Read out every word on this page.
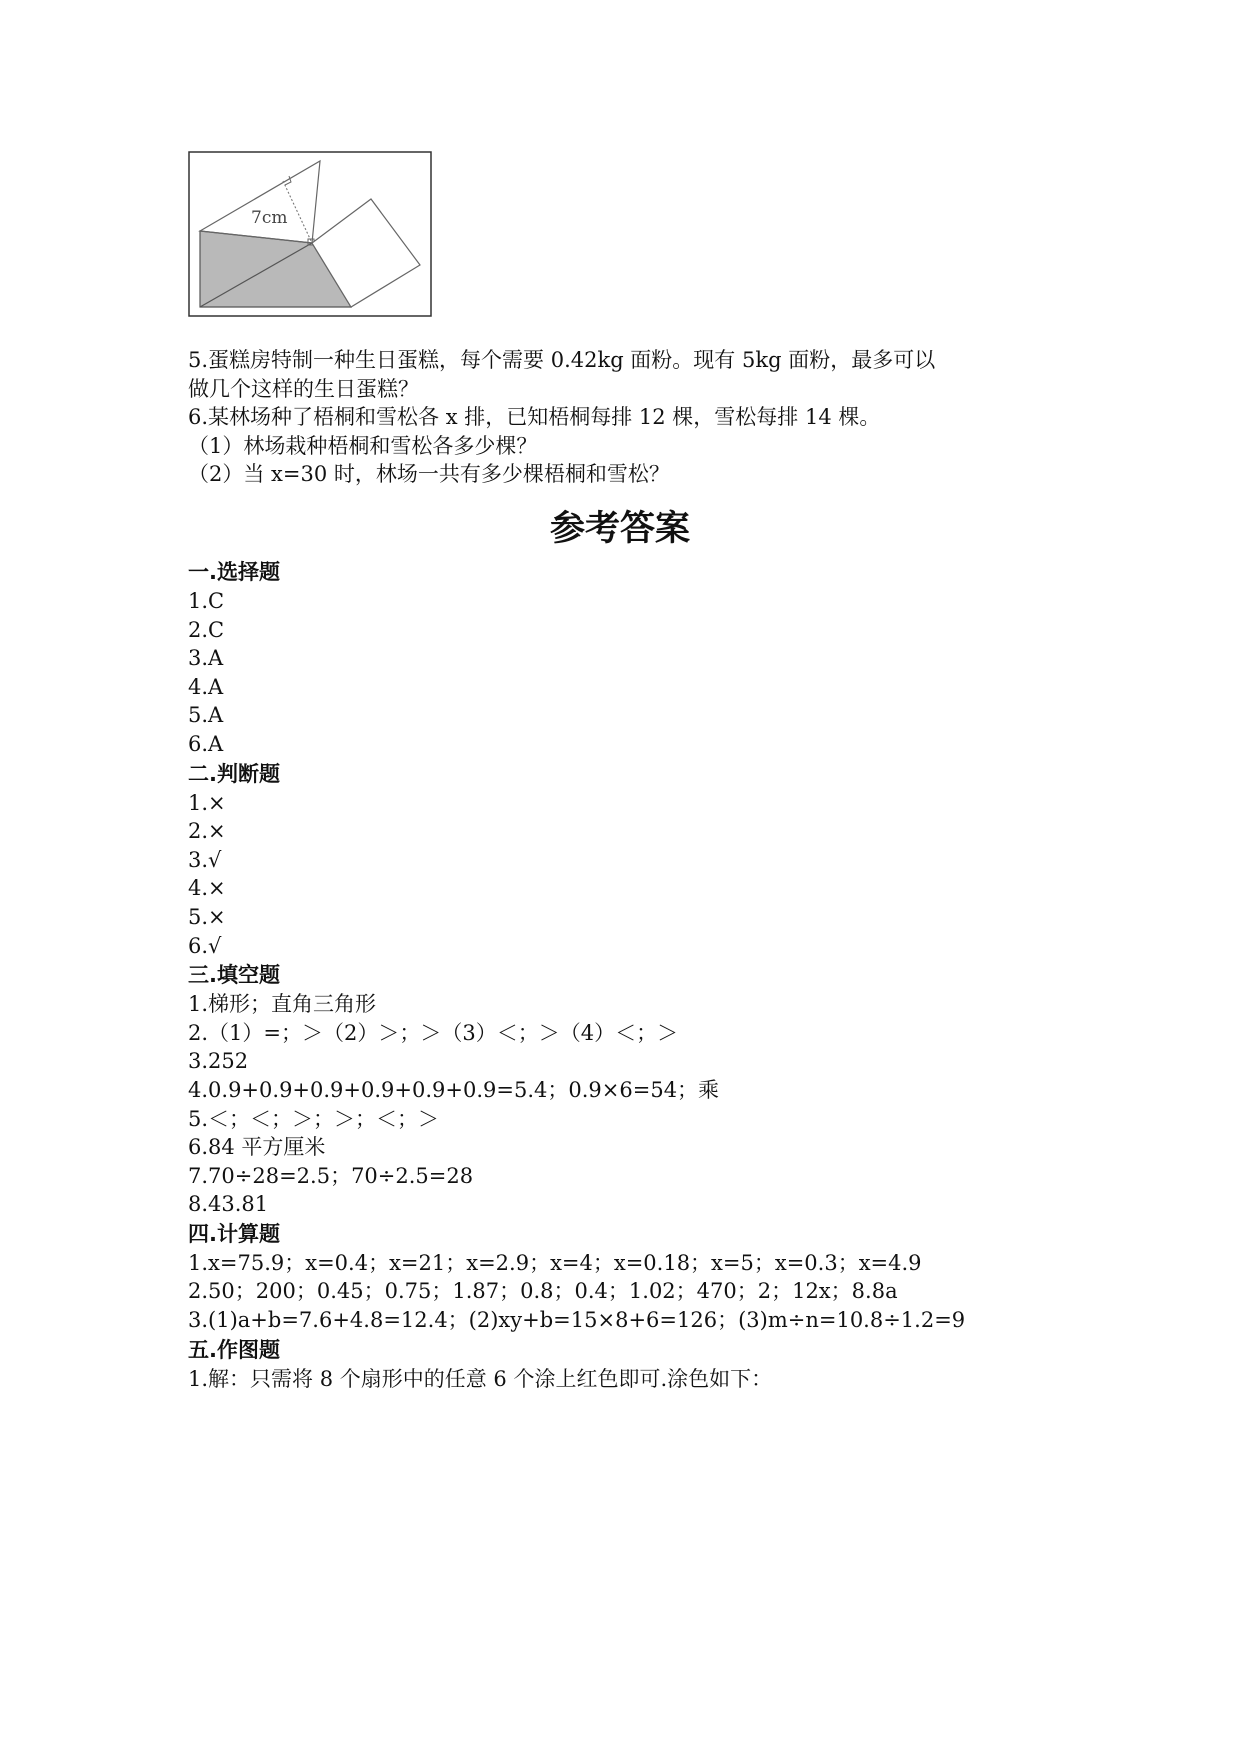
7cm
5.蛋糕房特制一种生日蛋糕，每个需要 0.42kg 面粉。现有 5kg 面粉，最多可以
做几个这样的生日蛋糕？
6.某林场种了梧桐和雪松各 x 排，已知梧桐每排 12 棵，雪松每排 14 棵。
（1）林场栽种梧桐和雪松各多少棵？
（2）当 x=30 时，林场一共有多少棵梧桐和雪松？
参考答案
一.选择题
1.C
2.C
3.A
4.A
5.A
6.A
二.判断题
1.×
2.×
3.√
4.×
5.×
6.√
三.填空题
1.梯形；直角三角形
2.（1）=；＞（2）＞；＞（3）＜；＞（4）＜；＞
3.252
4.0.9+0.9+0.9+0.9+0.9+0.9=5.4；0.9×6=54；乘
5.＜；＜；＞；＞；＜；＞
6.84 平方厘米
7.70÷28=2.5；70÷2.5=28
8.43.81
四.计算题
1.x=75.9；x=0.4；x=21；x=2.9；x=4；x=0.18；x=5；x=0.3；x=4.9
2.50；200；0.45；0.75；1.87；0.8；0.4；1.02；470；2；12x；8.8a
3.(1)a+b=7.6+4.8=12.4；(2)xy+b=15×8+6=126；(3)m÷n=10.8÷1.2=9
五.作图题
1.解：只需将 8 个扇形中的任意 6 个涂上红色即可.涂色如下：
